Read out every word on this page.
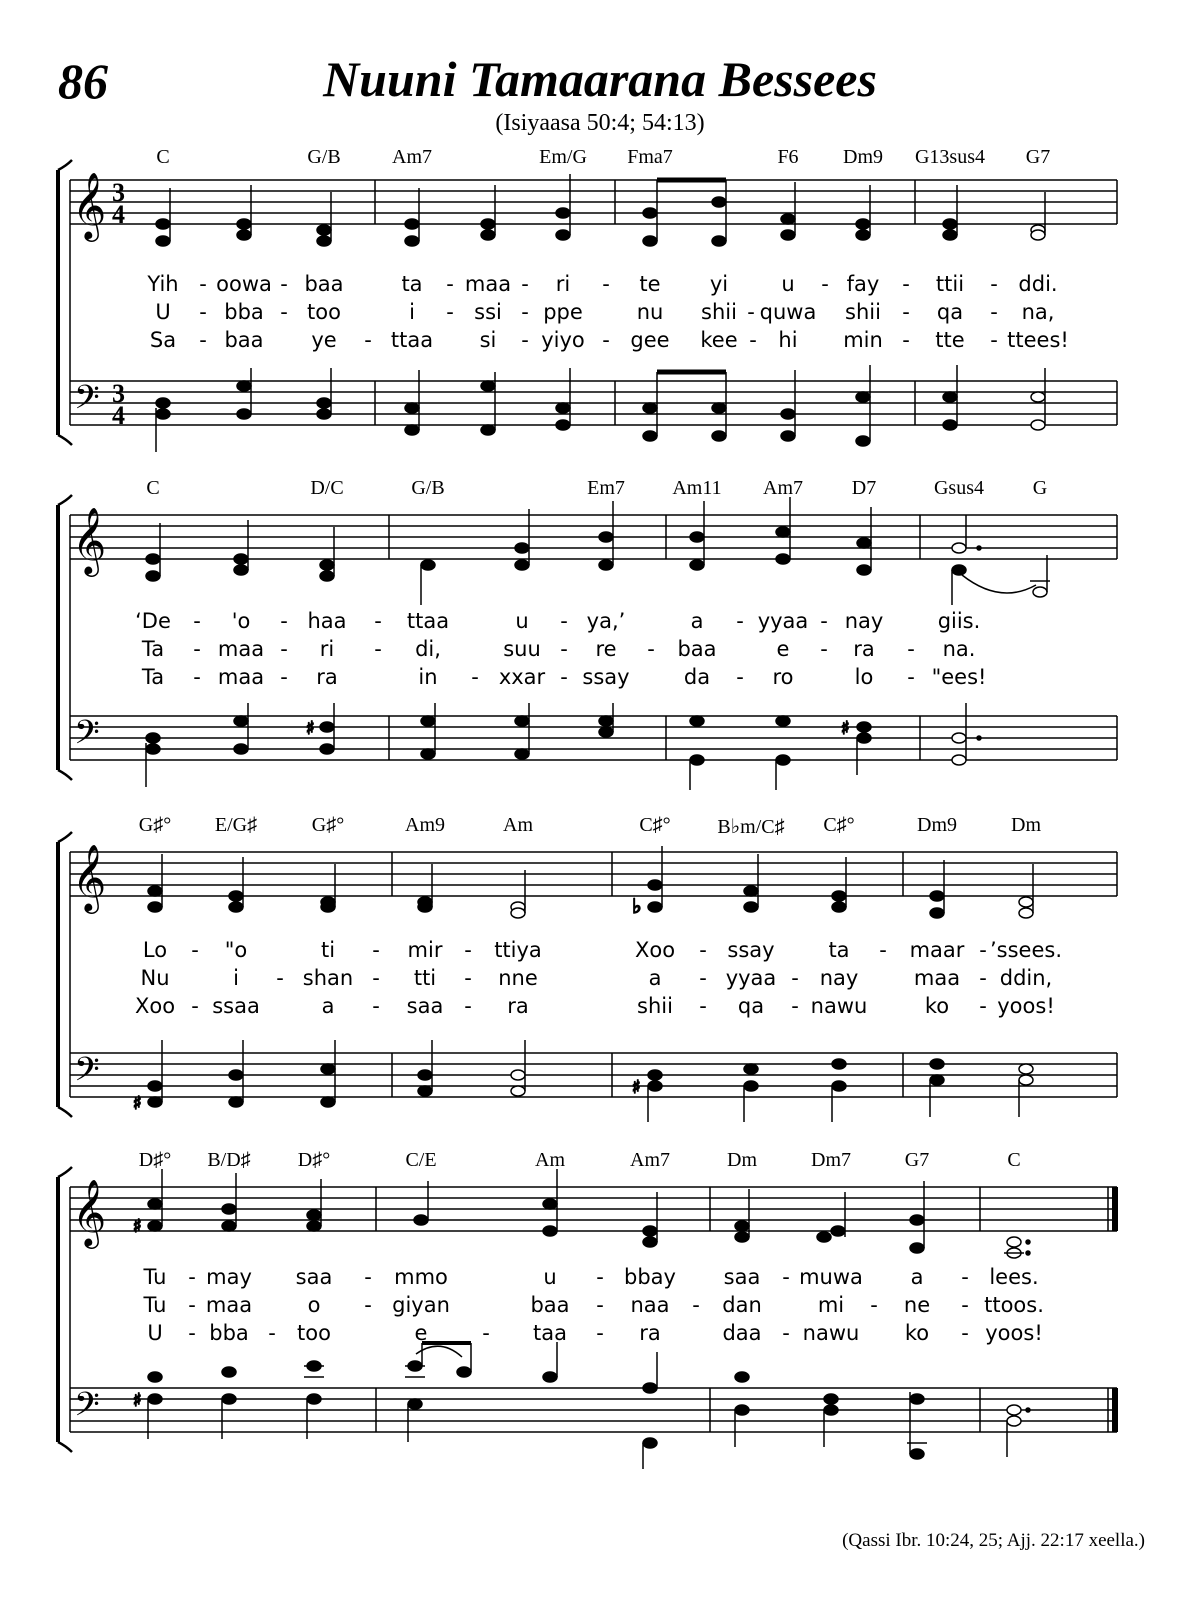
86	Nuuni Tamaarana Bessees
(Isiyaasa 50:4; 54:13)
C	G/B	Am7	Em/G Fma7	F6 Dm9 G13sus4 G7
𝄞
𝄢
3
4
3
4
Yih - oowa - baa	ta - maa - ri - te yi	u - fay - ttii - ddi.
U - bba - too	i - ssi - ppe	nu shii - quwa shii - qa - na,
Sa - baa ye - ttaa si - yiyo - gee kee - hi min - tte - ttees!
C	D/C	G/B	Em7 Am11 Am7 D7	Gsus4 G
𝄞
𝄢	♯	♯
‘De - 'o - haa - ttaa	u - ya,’	a - yyaa - nay	giis.
Ta - maa - ri - di,	suu - re - baa	e - ra - na.
Ta - maa - ra	in - xxar - ssay	da - ro	lo - "ees!
G♯° E/G♯	G♯°	Am9	Am	C♯° B♭m/C♯ C♯°	Dm9	Dm
𝄞
𝄢
♭
♯
♯
Lo - "o	ti - mir - ttiya	Xoo - ssay	ta - maar - ’ssees.
Nu	i - shan - tti - nne	a - yyaa - nay	maa - ddin,
Xoo - ssaa	a - saa - ra	shii - qa - nawu	ko - yoos!
D♯° B/D♯ D♯°	C/E	Am	Am7	Dm	Dm7	G7	C
𝄞
𝄢
♯
♯
Tu - may saa - mmo	u - bbay saa - muwa a - lees.
Tu - maa	o - giyan	baa - naa - dan	mi - ne - ttoos.
U - bba - too	e	- taa - ra	daa - nawu ko - yoos!
(Qassi Ibr. 10:24, 25; Ajj. 22:17 xeella.)
